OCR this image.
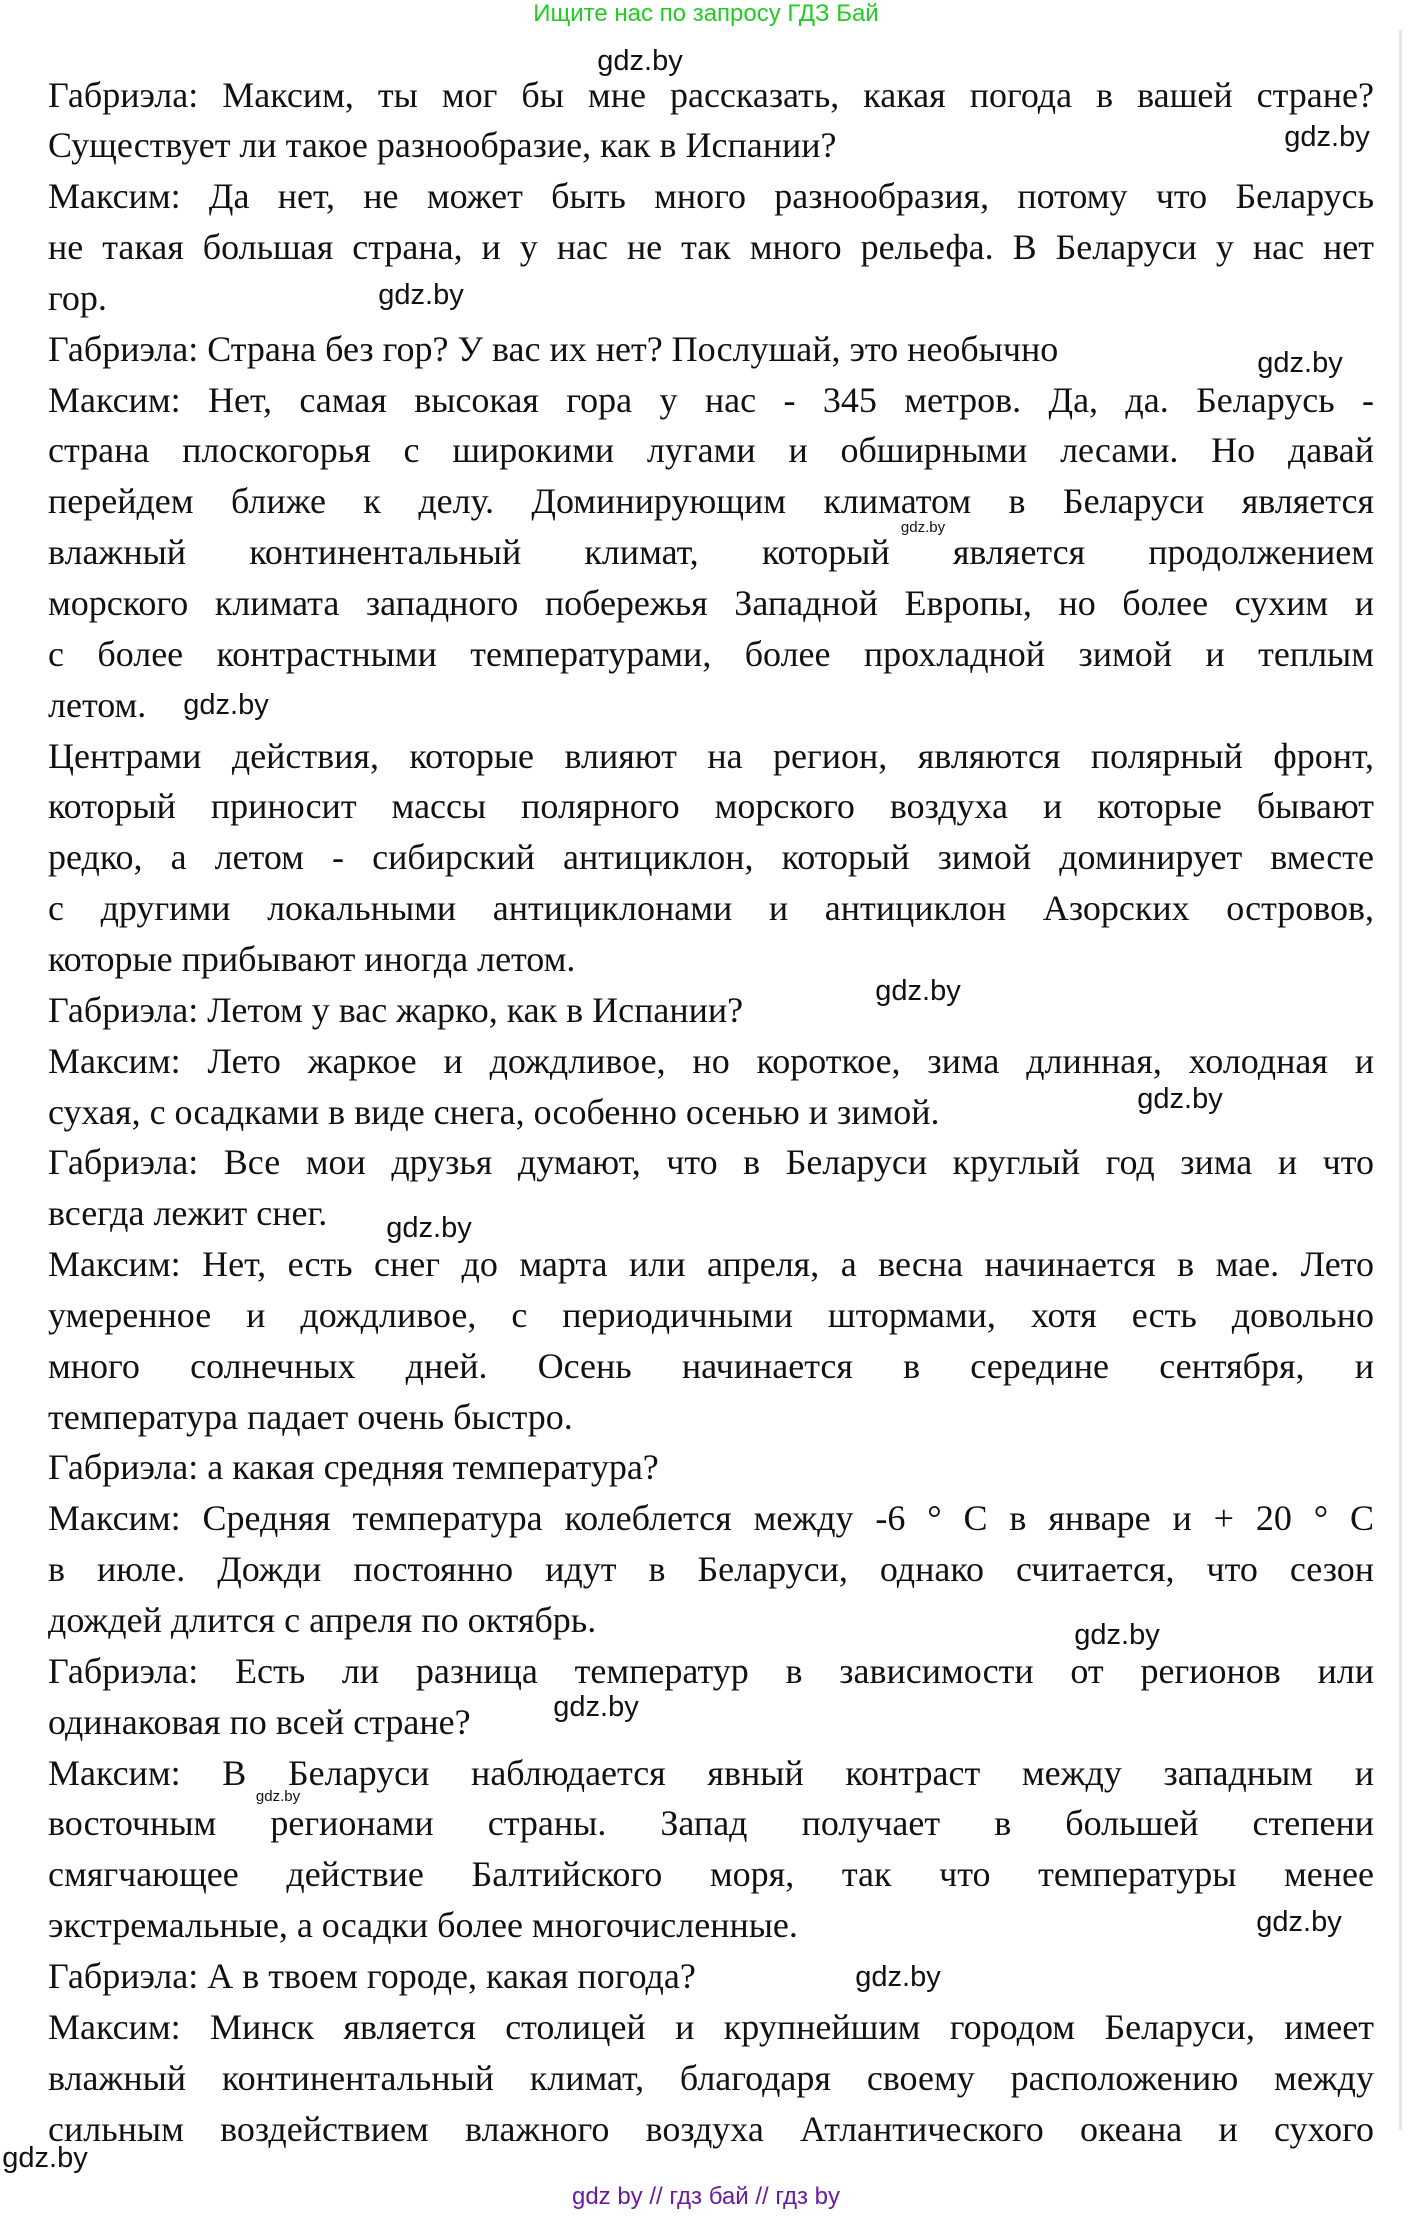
Ищите нас по запросу ГДЗ Бай
Габриэла: Максим, ты мог бы мне рассказать, какая погода в вашей стране?
Существует ли такое разнообразие, как в Испании?
Максим: Да нет, не может быть много разнообразия, потому что Беларусь
не такая большая страна, и у нас не так много рельефа. В Беларуси у нас нет
гор.
Габриэла: Страна без гор? У вас их нет? Послушай, это необычно
Максим: Нет, самая высокая гора у нас - 345 метров. Да, да. Беларусь -
страна плоскогорья с широкими лугами и обширными лесами. Но давай
перейдем ближе к делу. Доминирующим климатом в Беларуси является
влажный континентальный климат, который является продолжением
морского климата западного побережья Западной Европы, но более сухим и
с более контрастными температурами, более прохладной зимой и теплым
летом.
Центрами действия, которые влияют на регион, являются полярный фронт,
который приносит массы полярного морского воздуха и которые бывают
редко, а летом - сибирский антициклон, который зимой доминирует вместе
с другими локальными антициклонами и антициклон Азорских островов,
которые прибывают иногда летом.
Габриэла: Летом у вас жарко, как в Испании?
Максим: Лето жаркое и дождливое, но короткое, зима длинная, холодная и
сухая, с осадками в виде снега, особенно осенью и зимой.
Габриэла: Все мои друзья думают, что в Беларуси круглый год зима и что
всегда лежит снег.
Максим: Нет, есть снег до марта или апреля, а весна начинается в мае. Лето
умеренное и дождливое, с периодичными штормами, хотя есть довольно
много солнечных дней. Осень начинается в середине сентября, и
температура падает очень быстро.
Габриэла: а какая средняя температура?
Максим: Средняя температура колеблется между -6 ° С в январе и + 20 ° С
в июле. Дожди постоянно идут в Беларуси, однако считается, что сезон
дождей длится с апреля по октябрь.
Габриэла: Есть ли разница температур в зависимости от регионов или
одинаковая по всей стране?
Максим: В Беларуси наблюдается явный контраст между западным и
восточным регионами страны. Запад получает в большей степени
смягчающее действие Балтийского моря, так что температуры менее
экстремальные, а осадки более многочисленные.
Габриэла: А в твоем городе, какая погода?
Максим: Минск является столицей и крупнейшим городом Беларуси, имеет
влажный континентальный климат, благодаря своему расположению между
сильным воздействием влажного воздуха Атлантического океана и сухого
gdz.by
gdz.by
gdz.by
gdz.by
gdz.by
gdz.by
gdz.by
gdz.by
gdz.by
gdz.by
gdz.by
gdz.by
gdz.by
gdz.by
gdz.by
gdz by // гдз бай // гдз by
